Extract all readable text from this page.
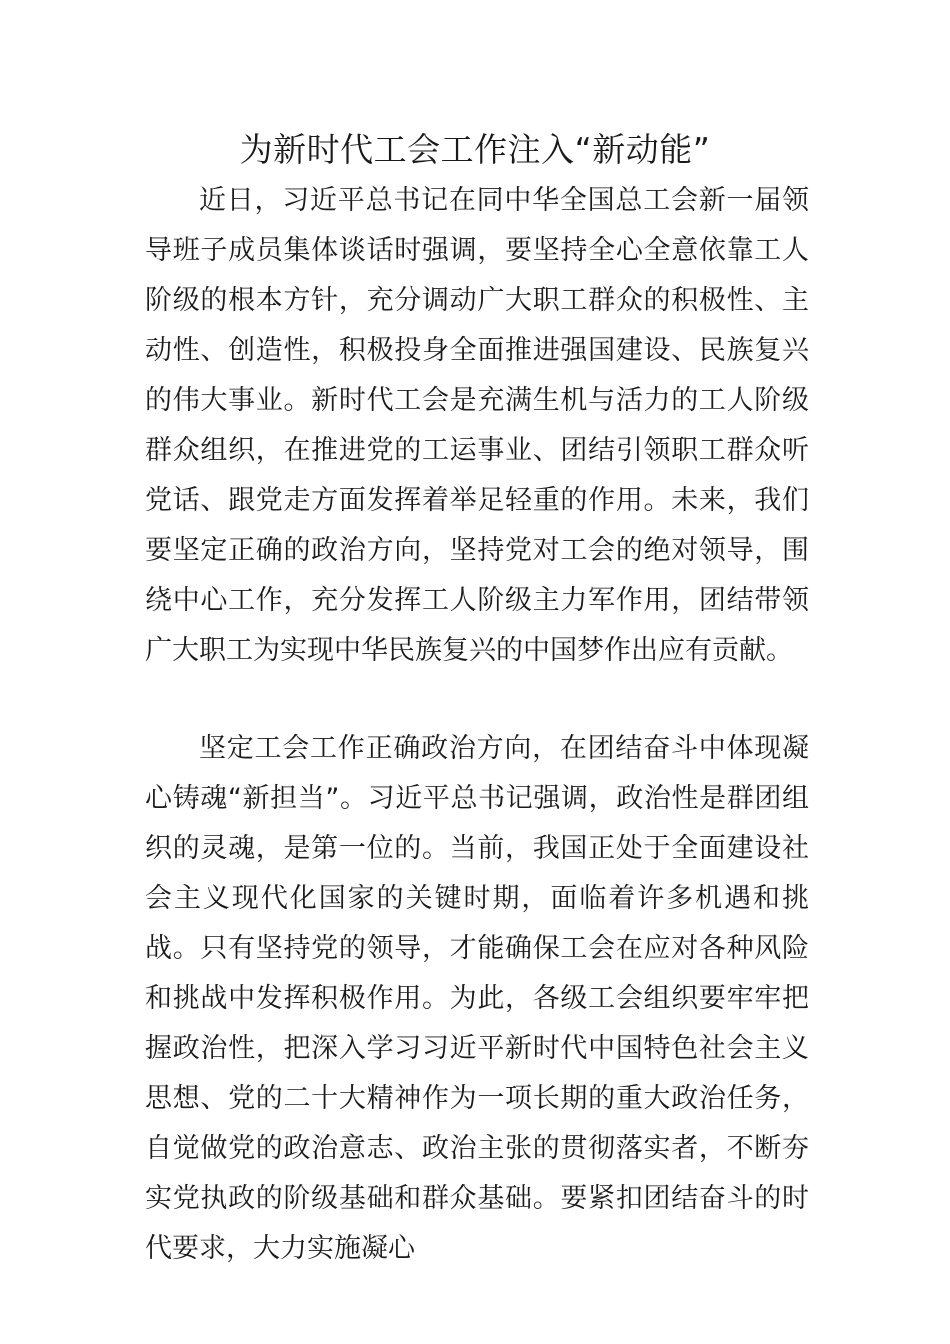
为新时代工会工作注入“新动能”

近日，习近平总书记在同中华全国总工会新一届领导班子成员集体谈话时强调，要坚持全心全意依靠工人阶级的根本方针，充分调动广大职工群众的积极性、主动性、创造性，积极投身全面推进强国建设、民族复兴的伟大事业。新时代工会是充满生机与活力的工人阶级群众组织，在推进党的工运事业、团结引领职工群众听党话、跟党走方面发挥着举足轻重的作用。未来，我们要坚定正确的政治方向，坚持党对工会的绝对领导，围绕中心工作，充分发挥工人阶级主力军作用，团结带领广大职工为实现中华民族复兴的中国梦作出应有贡献。

坚定工会工作正确政治方向，在团结奋斗中体现凝心铸魂“新担当”。习近平总书记强调，政治性是群团组织的灵魂，是第一位的。当前，我国正处于全面建设社会主义现代化国家的关键时期，面临着许多机遇和挑战。只有坚持党的领导，才能确保工会在应对各种风险和挑战中发挥积极作用。为此，各级工会组织要牢牢把握政治性，把深入学习习近平新时代中国特色社会主义思想、党的二十大精神作为一项长期的重大政治任务，自觉做党的政治意志、政治主张的贯彻落实者，不断夯实党执政的阶级基础和群众基础。要紧扣团结奋斗的时代要求，大力实施凝心
